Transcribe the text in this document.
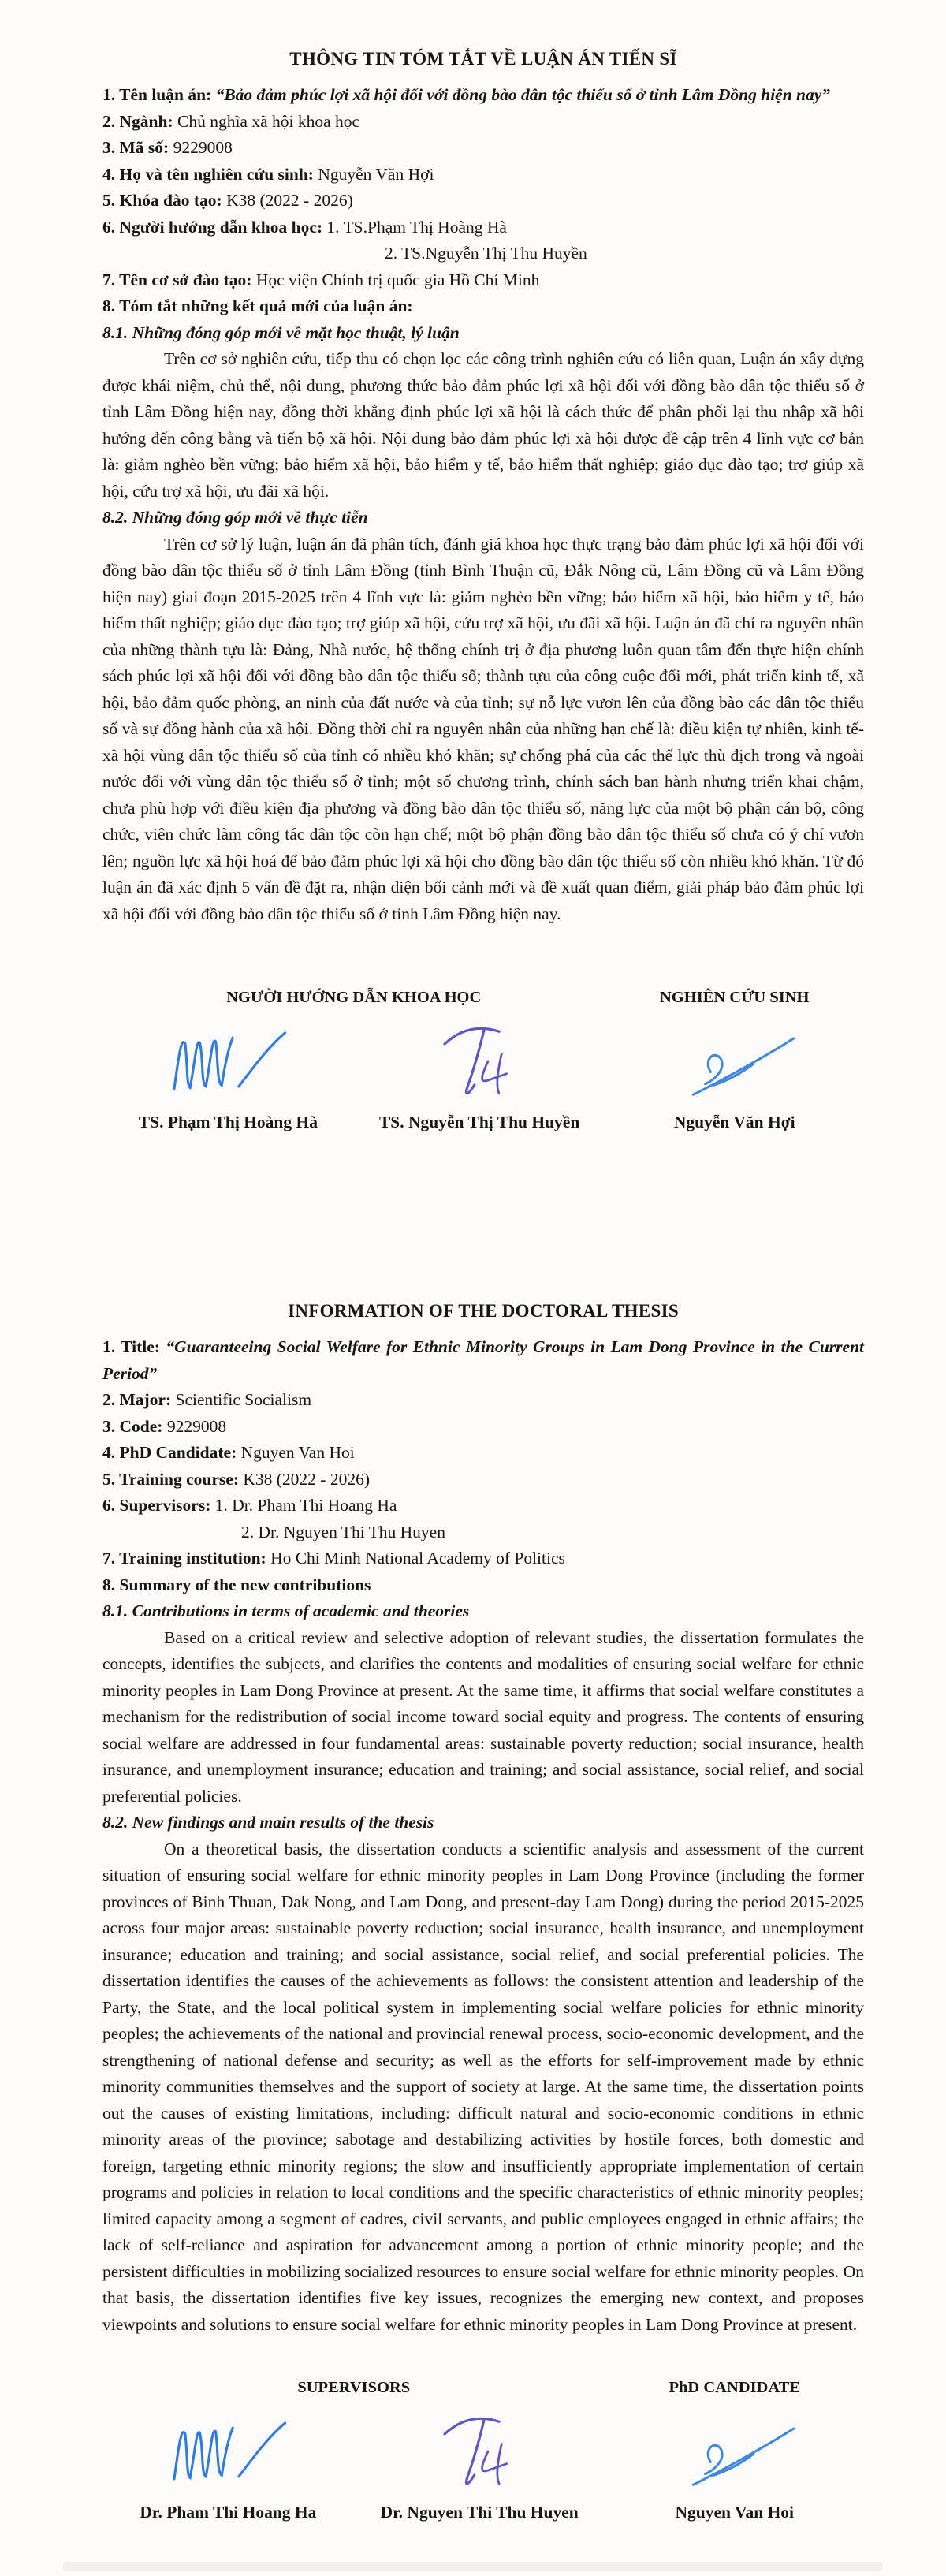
THÔNG TIN TÓM TẮT VỀ LUẬN ÁN TIẾN SĨ
1. Tên luận án: “Bảo đảm phúc lợi xã hội đối với đồng bào dân tộc thiểu số ở tỉnh Lâm Đồng hiện nay”
2. Ngành: Chủ nghĩa xã hội khoa học
3. Mã số: 9229008
4. Họ và tên nghiên cứu sinh: Nguyễn Văn Hợi
5. Khóa đào tạo: K38 (2022 - 2026)
6. Người hướng dẫn khoa học: 1. TS.Phạm Thị Hoàng Hà
2. TS.Nguyễn Thị Thu Huyền
7. Tên cơ sở đào tạo: Học viện Chính trị quốc gia Hồ Chí Minh
8. Tóm tắt những kết quả mới của luận án:
8.1. Những đóng góp mới về mặt học thuật, lý luận

Trên cơ sở nghiên cứu, tiếp thu có chọn lọc các công trình nghiên cứu có liên quan, Luận án xây dựng được khái niệm, chủ thể, nội dung, phương thức bảo đảm phúc lợi xã hội đối với đồng bào dân tộc thiểu số ở tỉnh Lâm Đồng hiện nay, đồng thời khẳng định phúc lợi xã hội là cách thức để phân phối lại thu nhập xã hội hướng đến công bằng và tiến bộ xã hội. Nội dung bảo đảm phúc lợi xã hội được đề cập trên 4 lĩnh vực cơ bản là: giảm nghèo bền vững; bảo hiểm xã hội, bảo hiểm y tế, bảo hiểm thất nghiệp; giáo dục đào tạo; trợ giúp xã hội, cứu trợ xã hội, ưu đãi xã hội.

8.2. Những đóng góp mới về thực tiễn

Trên cơ sở lý luận, luận án đã phân tích, đánh giá khoa học thực trạng bảo đảm phúc lợi xã hội đối với đồng bào dân tộc thiểu số ở tỉnh Lâm Đồng (tỉnh Bình Thuận cũ, Đắk Nông cũ, Lâm Đồng cũ và Lâm Đồng hiện nay) giai đoạn 2015-2025 trên 4 lĩnh vực là: giảm nghèo bền vững; bảo hiểm xã hội, bảo hiểm y tế, bảo hiểm thất nghiệp; giáo dục đào tạo; trợ giúp xã hội, cứu trợ xã hội, ưu đãi xã hội. Luận án đã chỉ ra nguyên nhân của những thành tựu là: Đảng, Nhà nước, hệ thống chính trị ở địa phương luôn quan tâm đến thực hiện chính sách phúc lợi xã hội đối với đồng bào dân tộc thiểu số; thành tựu của công cuộc đổi mới, phát triển kinh tế, xã hội, bảo đảm quốc phòng, an ninh của đất nước và của tỉnh; sự nỗ lực vươn lên của đồng bào các dân tộc thiểu số và sự đồng hành của xã hội. Đồng thời chỉ ra nguyên nhân của những hạn chế là: điều kiện tự nhiên, kinh tế-xã hội vùng dân tộc thiểu số của tỉnh có nhiều khó khăn; sự chống phá của các thế lực thù địch trong và ngoài nước đối với vùng dân tộc thiểu số ở tỉnh; một số chương trình, chính sách ban hành nhưng triển khai chậm, chưa phù hợp với điều kiện địa phương và đồng bào dân tộc thiểu số, năng lực của một bộ phận cán bộ, công chức, viên chức làm công tác dân tộc còn hạn chế; một bộ phận đồng bào dân tộc thiểu số chưa có ý chí vươn lên; nguồn lực xã hội hoá để bảo đảm phúc lợi xã hội cho đồng bào dân tộc thiểu số còn nhiều khó khăn. Từ đó luận án đã xác định 5 vấn đề đặt ra, nhận diện bối cảnh mới và đề xuất quan điểm, giải pháp bảo đảm phúc lợi xã hội đối với đồng bào dân tộc thiểu số ở tỉnh Lâm Đồng hiện nay.

NGƯỜI HƯỚNG DẪN KHOA HỌC	NGHIÊN CỨU SINH
TS. Phạm Thị Hoàng Hà	TS. Nguyễn Thị Thu Huyền	Nguyễn Văn Hợi
INFORMATION OF THE DOCTORAL THESIS
1. Title: “Guaranteeing Social Welfare for Ethnic Minority Groups in Lam Dong Province in the Current Period”
2. Major: Scientific Socialism
3. Code: 9229008
4. PhD Candidate: Nguyen Van Hoi
5. Training course: K38 (2022 - 2026)
6. Supervisors: 1. Dr. Pham Thi Hoang Ha
2. Dr. Nguyen Thi Thu Huyen
7. Training institution: Ho Chi Minh National Academy of Politics
8. Summary of the new contributions
8.1. Contributions in terms of academic and theories

Based on a critical review and selective adoption of relevant studies, the dissertation formulates the concepts, identifies the subjects, and clarifies the contents and modalities of ensuring social welfare for ethnic minority peoples in Lam Dong Province at present. At the same time, it affirms that social welfare constitutes a mechanism for the redistribution of social income toward social equity and progress. The contents of ensuring social welfare are addressed in four fundamental areas: sustainable poverty reduction; social insurance, health insurance, and unemployment insurance; education and training; and social assistance, social relief, and social preferential policies.

8.2. New findings and main results of the thesis

On a theoretical basis, the dissertation conducts a scientific analysis and assessment of the current situation of ensuring social welfare for ethnic minority peoples in Lam Dong Province (including the former provinces of Binh Thuan, Dak Nong, and Lam Dong, and present-day Lam Dong) during the period 2015-2025 across four major areas: sustainable poverty reduction; social insurance, health insurance, and unemployment insurance; education and training; and social assistance, social relief, and social preferential policies. The dissertation identifies the causes of the achievements as follows: the consistent attention and leadership of the Party, the State, and the local political system in implementing social welfare policies for ethnic minority peoples; the achievements of the national and provincial renewal process, socio-economic development, and the strengthening of national defense and security; as well as the efforts for self-improvement made by ethnic minority communities themselves and the support of society at large. At the same time, the dissertation points out the causes of existing limitations, including: difficult natural and socio-economic conditions in ethnic minority areas of the province; sabotage and destabilizing activities by hostile forces, both domestic and foreign, targeting ethnic minority regions; the slow and insufficiently appropriate implementation of certain programs and policies in relation to local conditions and the specific characteristics of ethnic minority peoples; limited capacity among a segment of cadres, civil servants, and public employees engaged in ethnic affairs; the lack of self-reliance and aspiration for advancement among a portion of ethnic minority people; and the persistent difficulties in mobilizing socialized resources to ensure social welfare for ethnic minority peoples. On that basis, the dissertation identifies five key issues, recognizes the emerging new context, and proposes viewpoints and solutions to ensure social welfare for ethnic minority peoples in Lam Dong Province at present.

SUPERVISORS	PhD CANDIDATE
Dr. Pham Thi Hoang Ha	Dr. Nguyen Thi Thu Huyen	Nguyen Van Hoi
